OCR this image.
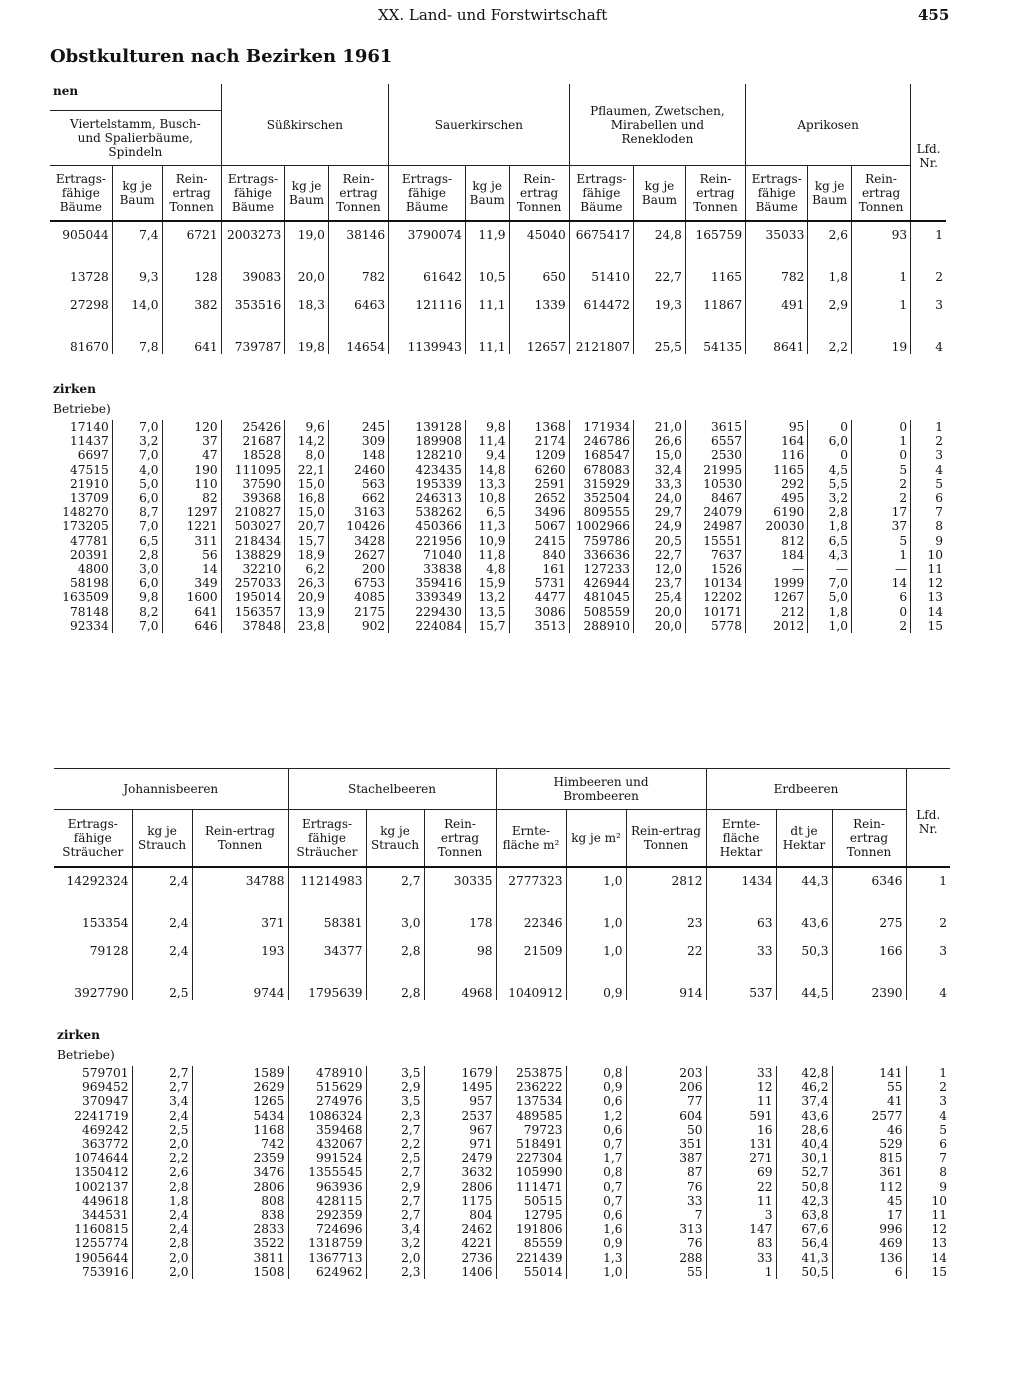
XX. Land- und Forstwirtschaft	455
Obstkulturen nach Bezirken 1961
nen			Süßkirschen			Sauerkirschen			Pflaumen, Zwetschen, Mirabellen und Renekloden			Aprikosen			Lfd. Nr.
Viertelstamm, Busch- und Spalierbäume, Spindeln															
Ertrags-fähige Bäume	kg je Baum	Rein-ertrag Tonnen	Ertrags-fähige Bäume	kg je Baum	Rein-ertrag Tonnen	Ertrags-fähige Bäume	kg je Baum	Rein-ertrag Tonnen	Ertrags-fähige Bäume	kg je Baum	Rein-ertrag Tonnen	Ertrags-fähige Bäume	kg je Baum	Rein-ertrag Tonnen	
905044	7,4	6721	2003273	19,0	38146	3790074	11,9	45040	6675417	24,8	165759	35033	2,6	93	1
13728	9,3	128	39083	20,0	782	61642	10,5	650	51410	22,7	1165	782	1,8	1	2
27298	14,0	382	353516	18,3	6463	121116	11,1	1339	614472	19,3	11867	491	2,9	1	3
81670	7,8	641	739787	19,8	14654	1139943	11,1	12657	2121807	25,5	54135	8641	2,2	19	4
zirken															
Betriebe)															

17140	7,0	120	25426	9,6	245	139128	9,8	1368	171934	21,0	3615	95	0	0	1
11437	3,2	37	21687	14,2	309	189908	11,4	2174	246786	26,6	6557	164	6,0	1	2
6697	7,0	47	18528	8,0	148	128210	9,4	1209	168547	15,0	2530	116	0	0	3
47515	4,0	190	111095	22,1	2460	423435	14,8	6260	678083	32,4	21995	1165	4,5	5	4
21910	5,0	110	37590	15,0	563	195339	13,3	2591	315929	33,3	10530	292	5,5	2	5
13709	6,0	82	39368	16,8	662	246313	10,8	2652	352504	24,0	8467	495	3,2	2	6
148270	8,7	1297	210827	15,0	3163	538262	6,5	3496	809555	29,7	24079	6190	2,8	17	7
173205	7,0	1221	503027	20,7	10426	450366	11,3	5067	1002966	24,9	24987	20030	1,8	37	8
47781	6,5	311	218434	15,7	3428	221956	10,9	2415	759786	20,5	15551	812	6,5	5	9
20391	2,8	56	138829	18,9	2627	71040	11,8	840	336636	22,7	7637	184	4,3	1	10
4800	3,0	14	32210	6,2	200	33838	4,8	161	127233	12,0	1526	—	—	—	11
58198	6,0	349	257033	26,3	6753	359416	15,9	5731	426944	23,7	10134	1999	7,0	14	12
163509	9,8	1600	195014	20,9	4085	339349	13,2	4477	481045	25,4	12202	1267	5,0	6	13
78148	8,2	641	156357	13,9	2175	229430	13,5	3086	508559	20,0	10171	212	1,8	0	14
92334	7,0	646	37848	23,8	902	224084	15,7	3513	288910	20,0	5778	2012	1,0	2	15
Johannisbeeren			Stachelbeeren			Himbeeren und Brombeeren			Erdbeeren			Lfd. Nr.
Ertrags-fähige Sträucher	kg je Strauch	Rein-ertrag Tonnen	Ertrags-fähige Sträucher	kg je Strauch	Rein-ertrag Tonnen	Ernte-fläche m²	kg je m²	Rein-ertrag Tonnen	Ernte-fläche Hektar	dt je Hektar	Rein-ertrag Tonnen	
14292324	2,4	34788	11214983	2,7	30335	2777323	1,0	2812	1434	44,3	6346	1
153354	2,4	371	58381	3,0	178	22346	1,0	23	63	43,6	275	2
79128	2,4	193	34377	2,8	98	21509	1,0	22	33	50,3	166	3
3927790	2,5	9744	1795639	2,8	4968	1040912	0,9	914	537	44,5	2390	4
zirken												
Betriebe)												

579701	2,7	1589	478910	3,5	1679	253875	0,8	203	33	42,8	141	1
969452	2,7	2629	515629	2,9	1495	236222	0,9	206	12	46,2	55	2
370947	3,4	1265	274976	3,5	957	137534	0,6	77	11	37,4	41	3
2241719	2,4	5434	1086324	2,3	2537	489585	1,2	604	591	43,6	2577	4
469242	2,5	1168	359468	2,7	967	79723	0,6	50	16	28,6	46	5
363772	2,0	742	432067	2,2	971	518491	0,7	351	131	40,4	529	6
1074644	2,2	2359	991524	2,5	2479	227304	1,7	387	271	30,1	815	7
1350412	2,6	3476	1355545	2,7	3632	105990	0,8	87	69	52,7	361	8
1002137	2,8	2806	963936	2,9	2806	111471	0,7	76	22	50,8	112	9
449618	1,8	808	428115	2,7	1175	50515	0,7	33	11	42,3	45	10
344531	2,4	838	292359	2,7	804	12795	0,6	7	3	63,8	17	11
1160815	2,4	2833	724696	3,4	2462	191806	1,6	313	147	67,6	996	12
1255774	2,8	3522	1318759	3,2	4221	85559	0,9	76	83	56,4	469	13
1905644	2,0	3811	1367713	2,0	2736	221439	1,3	288	33	41,3	136	14
753916	2,0	1508	624962	2,3	1406	55014	1,0	55	1	50,5	6	15
